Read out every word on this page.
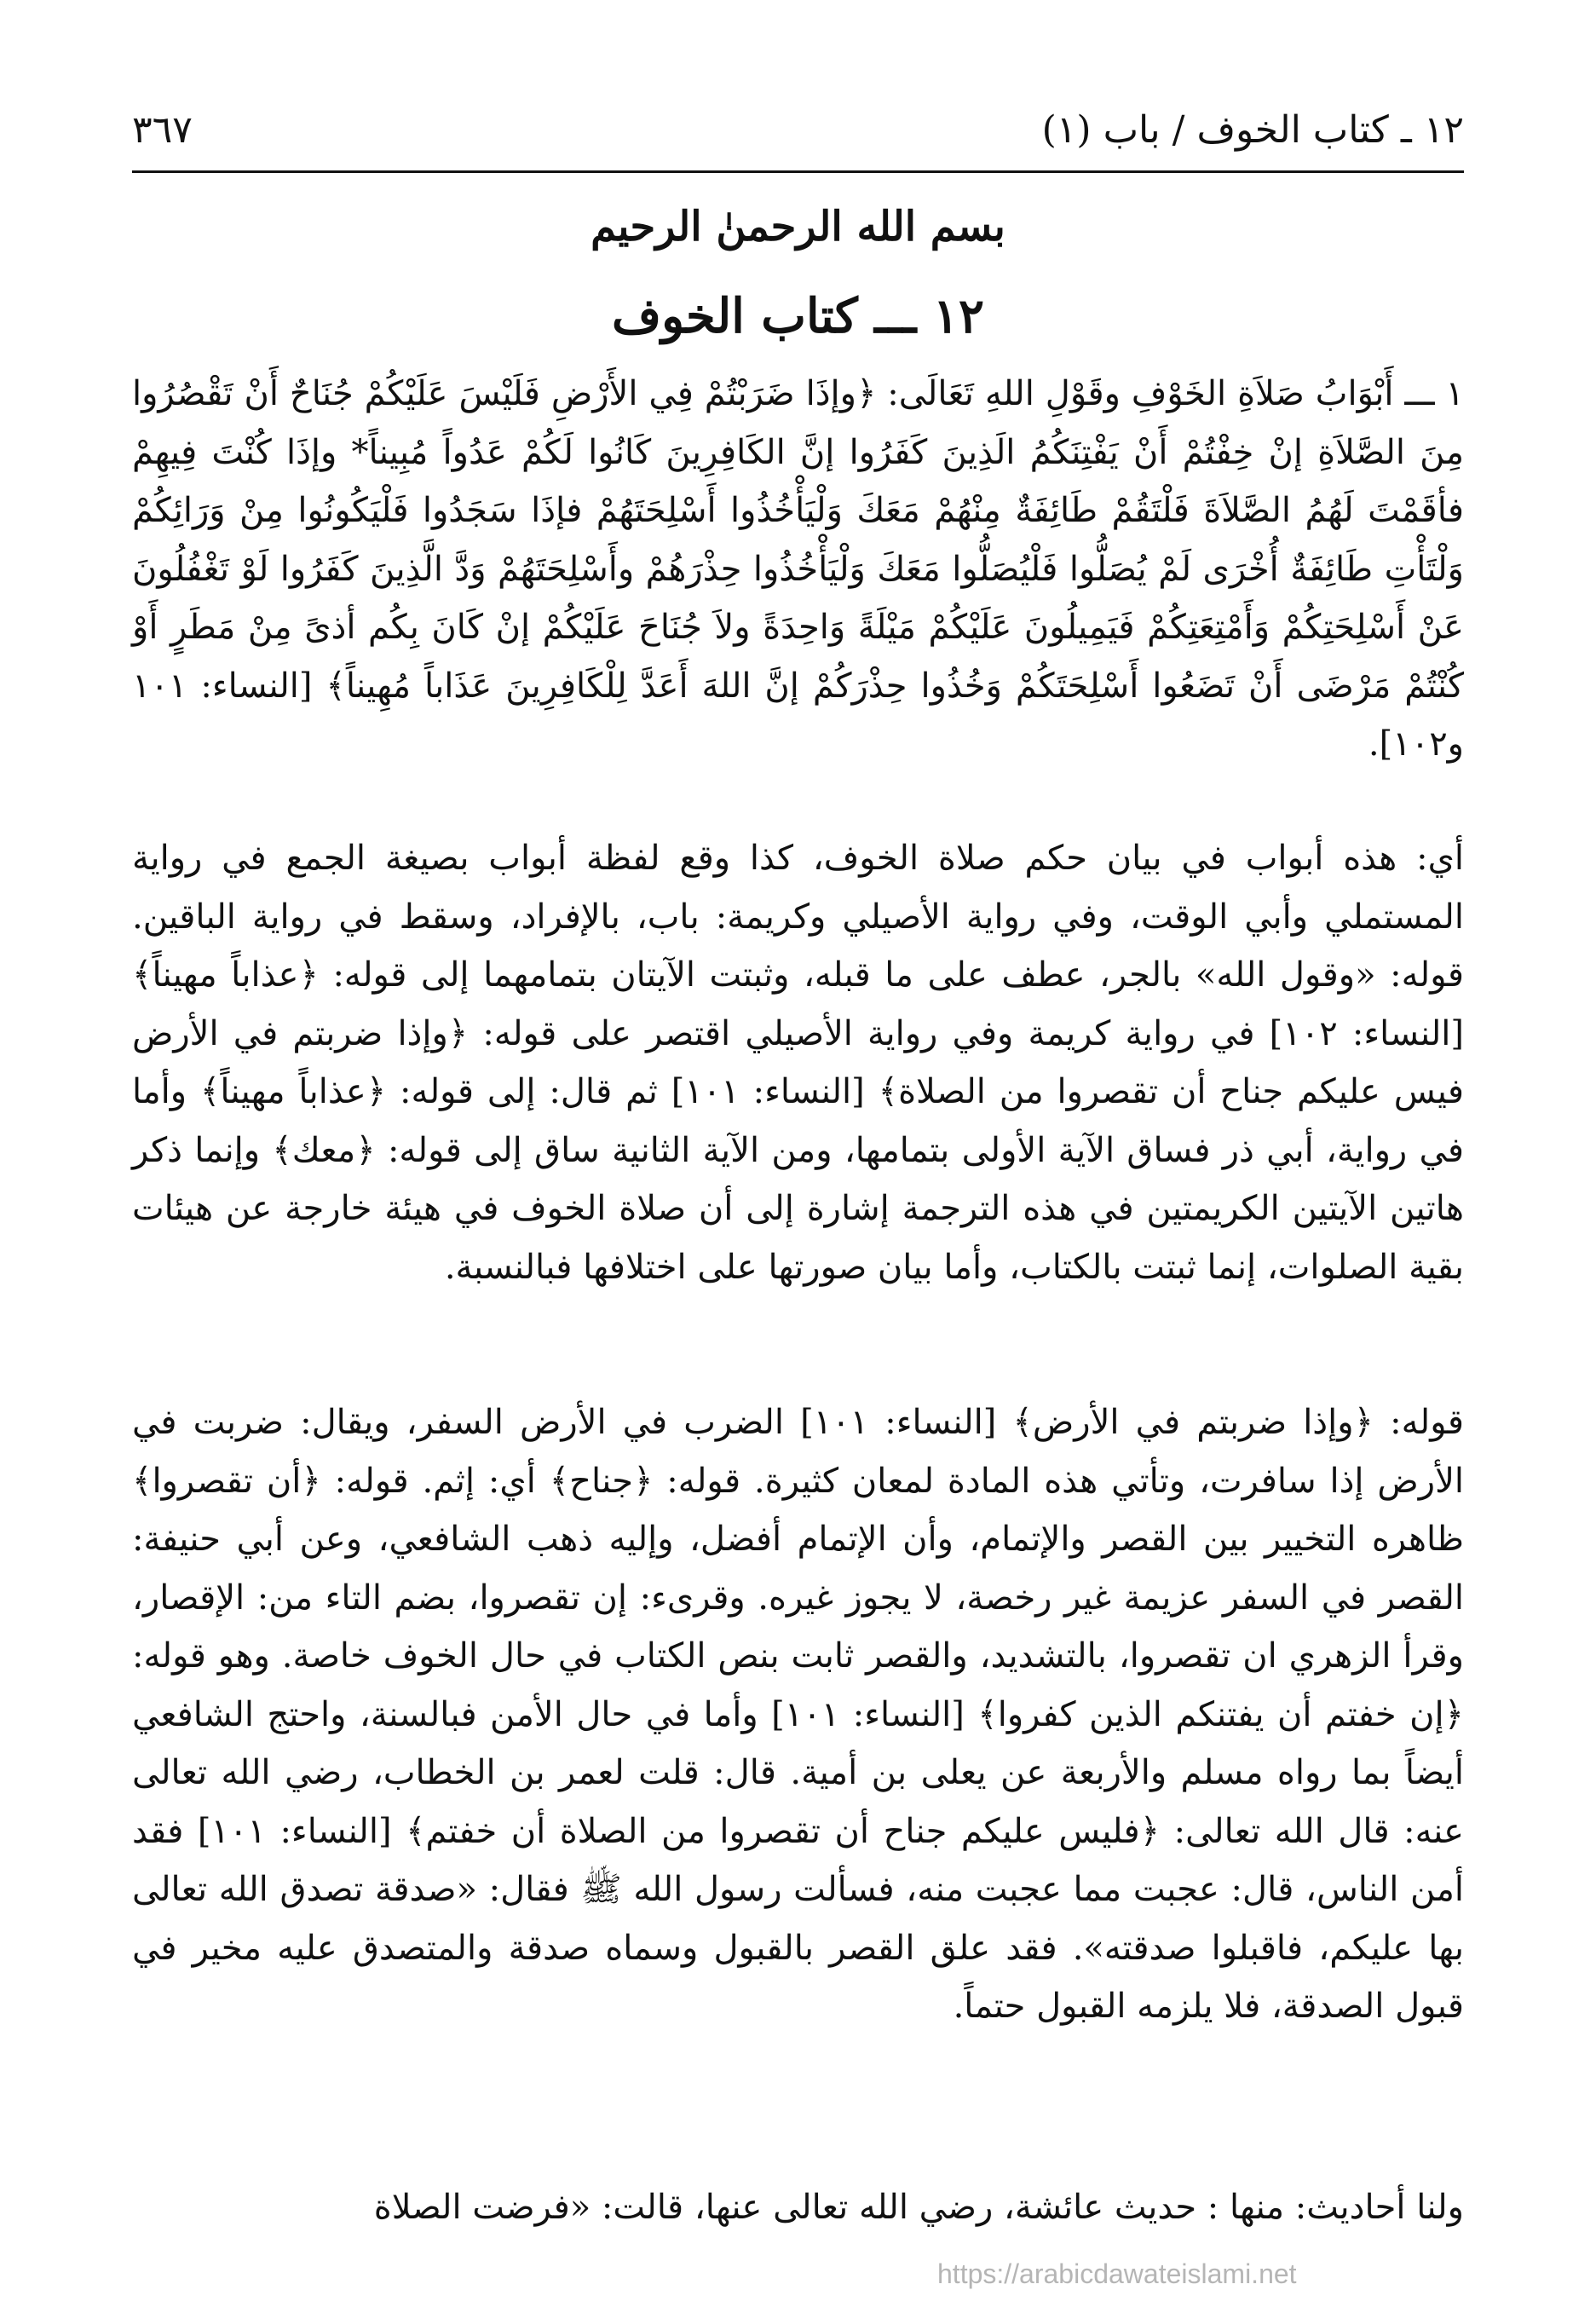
١٢ ـ كتاب الخوف / باب (١)
٣٦٧
بسم الله الرحمنٰ الرحيم
١٢ ـــ كتاب الخوف

١ ـــ أَبْوَابُ صَلاَةِ الخَوْفِ وقَوْلِ اللهِ تَعَالَى: ﴿وإذَا ضَرَبْتُمْ فِي الأَرْضِ فَلَيْسَ عَلَيْكُمْ جُنَاحٌ أَنْ تَقْصُرُوا مِنَ الصَّلاَةِ إنْ خِفْتُمْ أَنْ يَفْتِنَكُمُ الَذِينَ كَفَرُوا إنَّ الكَافِرِينَ كَانُوا لَكُمْ عَدُواً مُبِيناً* وإذَا كُنْتَ فِيهِمْ فأقَمْتَ لَهُمُ الصَّلاَةَ فَلْتَقُمْ طَائِفَةٌ مِنْهُمْ مَعَكَ وَلْيَأْخُذُوا أَسْلِحَتَهُمْ فإذَا سَجَدُوا فَلْيَكُونُوا مِنْ وَرَائِكُمْ وَلْتَأْتِ طَائِفَةٌ أُخْرَى لَمْ يُصَلُّوا فَلْيُصَلُّوا مَعَكَ وَلْيَأْخُذُوا حِذْرَهُمْ وأَسْلِحَتَهُمْ وَدَّ الَّذِينَ كَفَرُوا لَوْ تَغْفُلُونَ عَنْ أَسْلِحَتِكُمْ وَأَمْتِعَتِكُمْ فَيَمِيلُونَ عَلَيْكُمْ مَيْلَةً وَاحِدَةً ولاَ جُنَاحَ عَلَيْكُمْ إنْ كَانَ بِكُم أذىً مِنْ مَطَرٍ أَوْ كُنْتُمْ مَرْضَى أَنْ تَضَعُوا أَسْلِحَتَكُمْ وَخُذُوا حِذْرَكُمْ إنَّ اللهَ أَعَدَّ لِلْكَافِرِينَ عَذَاباً مُهِيناً﴾ [النساء: ١٠١ و١٠٢].

أي: هذه أبواب في بيان حكم صلاة الخوف، كذا وقع لفظة أبواب بصيغة الجمع في رواية المستملي وأبي الوقت، وفي رواية الأصيلي وكريمة: باب، بالإفراد، وسقط في رواية الباقين. قوله: «وقول الله» بالجر، عطف على ما قبله، وثبتت الآيتان بتمامهما إلى قوله: ﴿عذاباً مهيناً﴾ [النساء: ١٠٢] في رواية كريمة وفي رواية الأصيلي اقتصر على قوله: ﴿وإذا ضربتم في الأرض فيس عليكم جناح أن تقصروا من الصلاة﴾ [النساء: ١٠١] ثم قال: إلى قوله: ﴿عذاباً مهيناً﴾ وأما في رواية، أبي ذر فساق الآية الأولى بتمامها، ومن الآية الثانية ساق إلى قوله: ﴿معك﴾ وإنما ذكر هاتين الآيتين الكريمتين في هذه الترجمة إشارة إلى أن صلاة الخوف في هيئة خارجة عن هيئات بقية الصلوات، إنما ثبتت بالكتاب، وأما بيان صورتها على اختلافها فبالنسبة.

قوله: ﴿وإذا ضربتم في الأرض﴾ [النساء: ١٠١] الضرب في الأرض السفر، ويقال: ضربت في الأرض إذا سافرت، وتأتي هذه المادة لمعان كثيرة. قوله: ﴿جناح﴾ أي: إثم. قوله: ﴿أن تقصروا﴾ ظاهره التخيير بين القصر والإتمام، وأن الإتمام أفضل، وإليه ذهب الشافعي، وعن أبي حنيفة: القصر في السفر عزيمة غير رخصة، لا يجوز غيره. وقرىء: إن تقصروا، بضم التاء من: الإقصار، وقرأ الزهري ان تقصروا، بالتشديد، والقصر ثابت بنص الكتاب في حال الخوف خاصة. وهو قوله: ﴿إن خفتم أن يفتنكم الذين كفروا﴾ [النساء: ١٠١] وأما في حال الأمن فبالسنة، واحتج الشافعي أيضاً بما رواه مسلم والأربعة عن يعلى بن أمية. قال: قلت لعمر بن الخطاب، رضي الله تعالى عنه: قال الله تعالى: ﴿فليس عليكم جناح أن تقصروا من الصلاة أن خفتم﴾ [النساء: ١٠١] فقد أمن الناس، قال: عجبت مما عجبت منه، فسألت رسول الله ﷺ فقال: «صدقة تصدق الله تعالى بها عليكم، فاقبلوا صدقته». فقد علق القصر بالقبول وسماه صدقة والمتصدق عليه مخير في قبول الصدقة، فلا يلزمه القبول حتماً.

ولنا أحاديث: منها : حديث عائشة، رضي الله تعالى عنها، قالت: «فرضت الصلاة

https://arabicdawateislami.net
